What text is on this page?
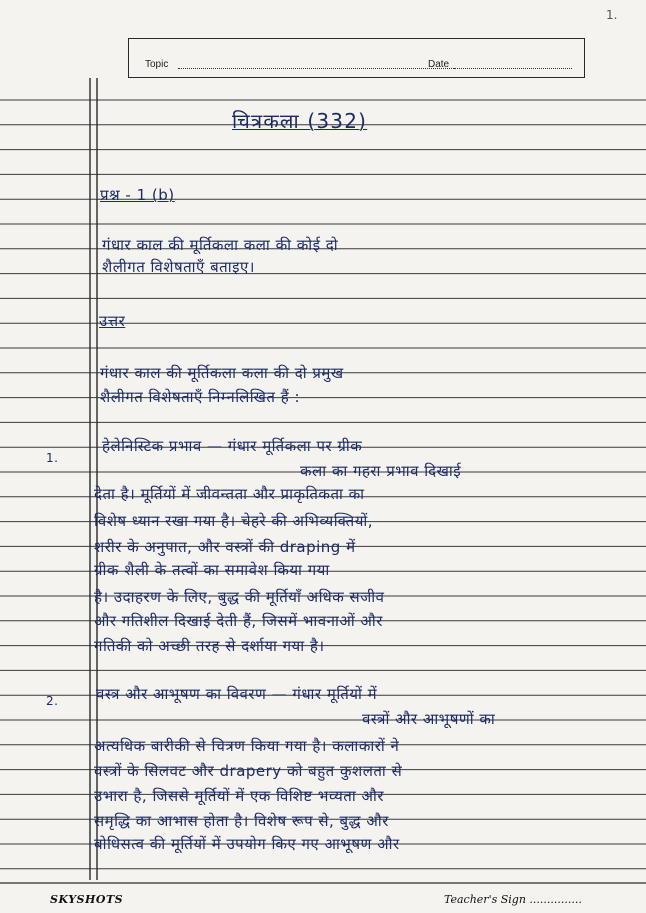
1.
Topic	Date
चित्रकला (332)
प्रश्न - 1 (b)
गंधार काल की मूर्तिकला कला की कोई दो
शैलीगत विशेषताएँ बताइए।
उत्तर
गंधार काल की मूर्तिकला कला की दो प्रमुख
शैलीगत विशेषताएँ निम्नलिखित हैं :
1.
हेलेनिस्टिक प्रभाव — गंधार मूर्तिकला पर ग्रीक
कला का गहरा प्रभाव दिखाई
देता है। मूर्तियों में जीवन्तता और प्राकृतिकता का
विशेष ध्यान रखा गया है। चेहरे की अभिव्यक्तियों,
शरीर के अनुपात, और वस्त्रों की draping में
ग्रीक शैली के तत्वों का समावेश किया गया
है। उदाहरण के लिए, बुद्ध की मूर्तियाँ अधिक सजीव
और गतिशील दिखाई देती हैं, जिसमें भावनाओं और
गतिकी को अच्छी तरह से दर्शाया गया है।
2.	वस्त्र और आभूषण का विवरण — गंधार मूर्तियों में
वस्त्रों और आभूषणों का
अत्यधिक बारीकी से चित्रण किया गया है। कलाकारों ने
वस्त्रों के सिलवट और drapery को बहुत कुशलता से
उभारा है, जिससे मूर्तियों में एक विशिष्ट भव्यता और
समृद्धि का आभास होता है। विशेष रूप से, बुद्ध और
बोधिसत्व की मूर्तियों में उपयोग किए गए आभूषण और
SKYSHOTS	Teacher's Sign ...............
